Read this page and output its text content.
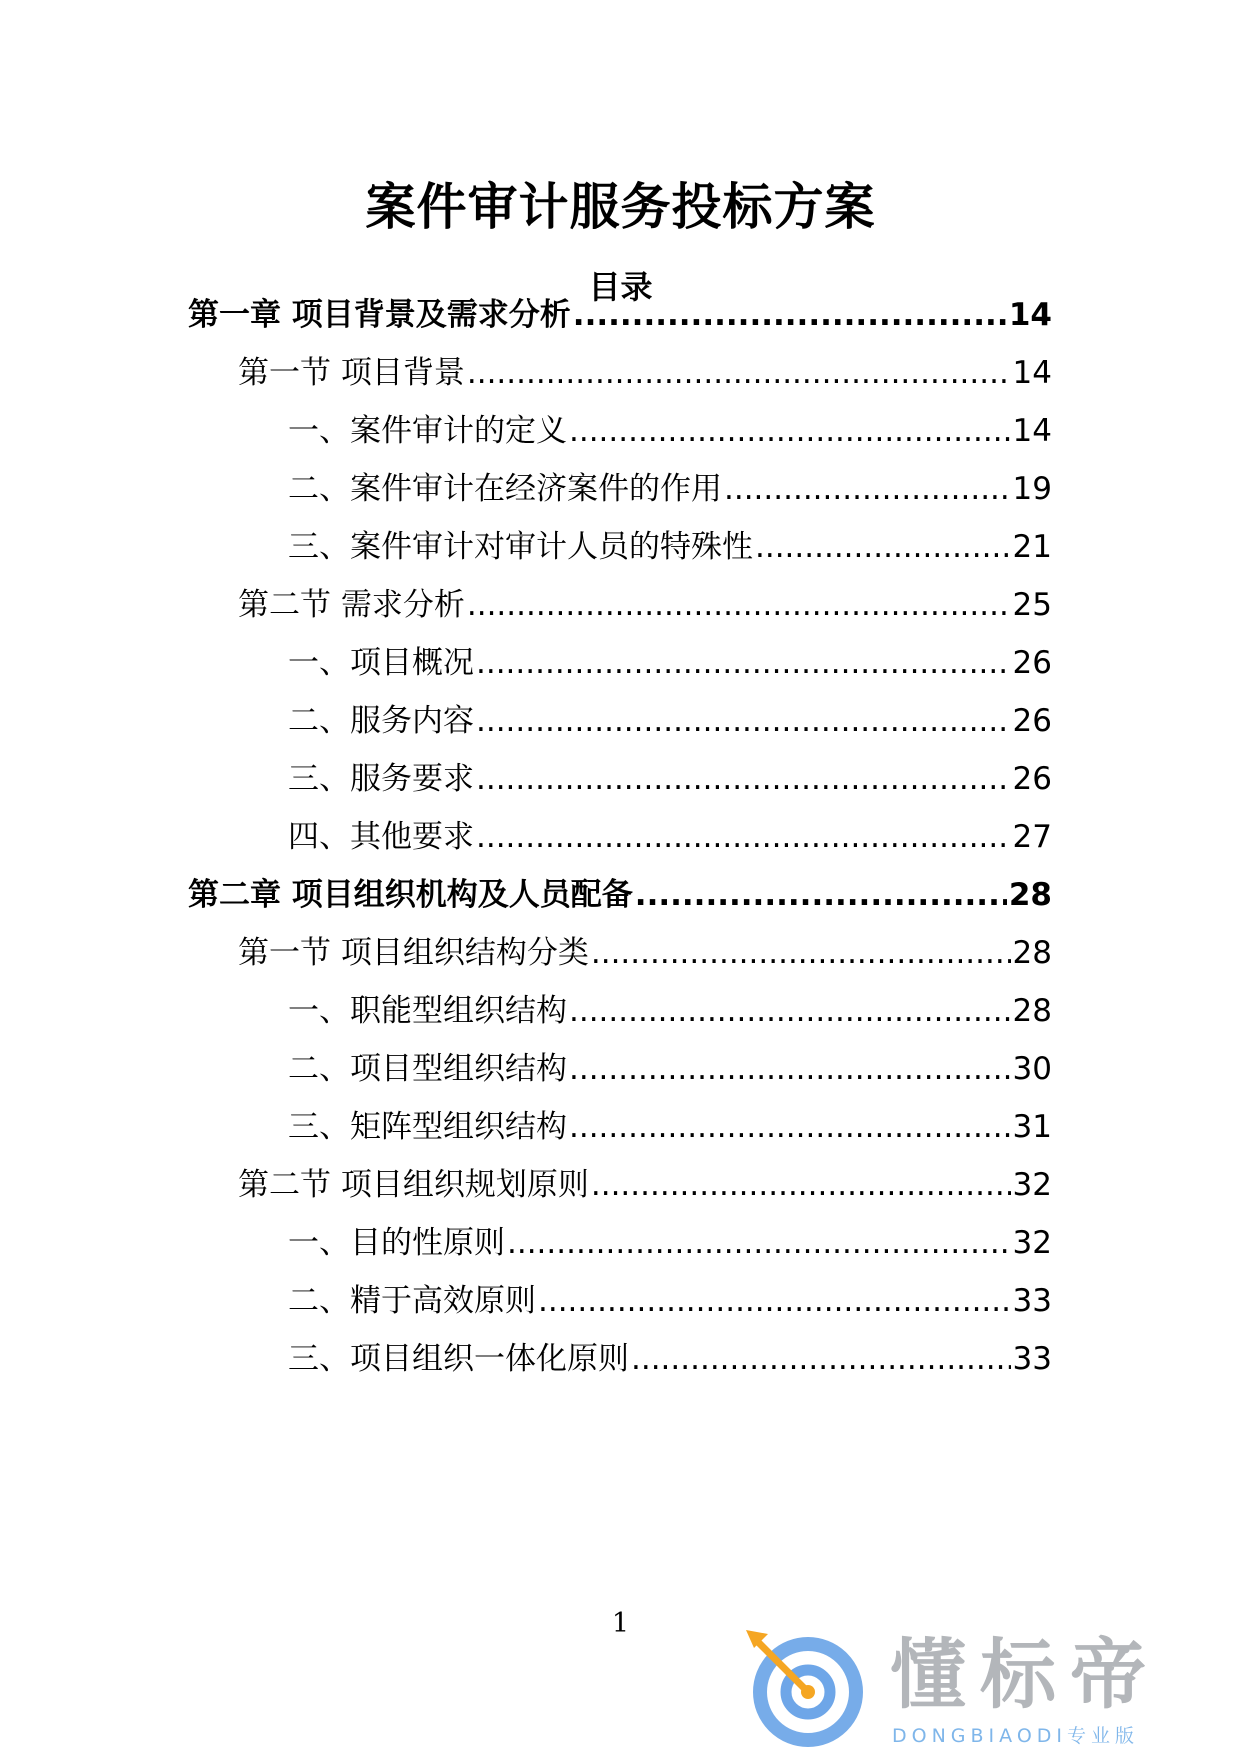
案件审计服务投标方案
目录
第一章 项目背景及需求分析 .....	14
第一节 项目背景 .....	14
一、案件审计的定义 .....	14
二、案件审计在经济案件的作用 .....	19
三、案件审计对审计人员的特殊性 .....	21
第二节 需求分析 .....	25
一、项目概况 .....	26
二、服务内容 .....	26
三、服务要求 .....	26
四、其他要求 .....	27
第二章 项目组织机构及人员配备 .....	28
第一节 项目组织结构分类 .....	28
一、职能型组织结构 .....	28
二、项目型组织结构 .....	30
三、矩阵型组织结构 .....	31
第二节 项目组织规划原则 .....	32
一、目的性原则 .....	32
二、精于高效原则 .....	33
三、项目组织一体化原则 .....	33
1
懂标帝
DONGBIAODI专业版
